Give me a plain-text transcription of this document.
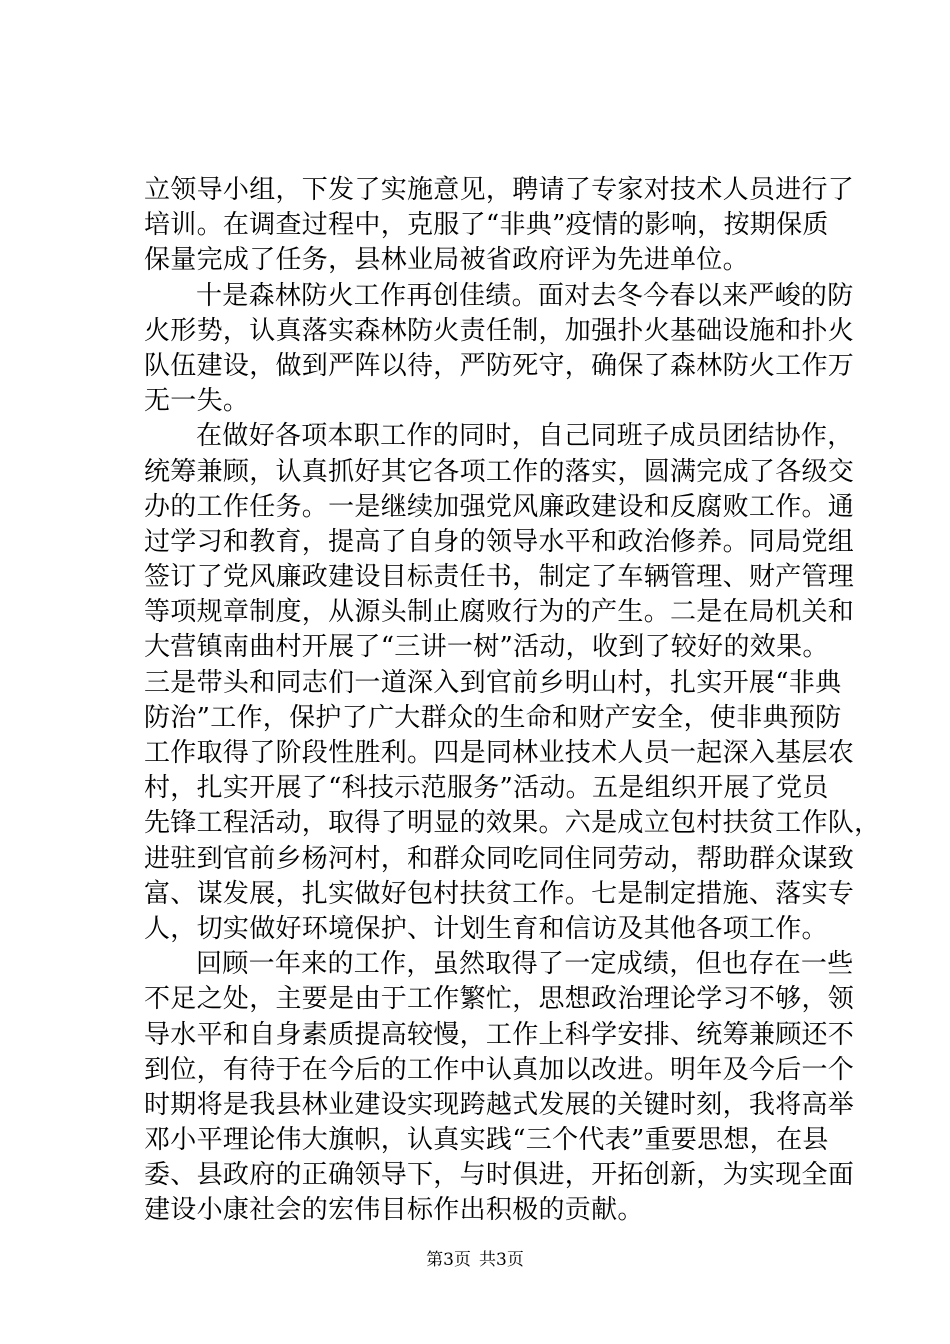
立领导小组，下发了实施意见，聘请了专家对技术人员进行了
培训。在调查过程中，克服了“非典”疫情的影响，按期保质
保量完成了任务，县林业局被省政府评为先进单位。
十是森林防火工作再创佳绩。面对去冬今春以来严峻的防
火形势，认真落实森林防火责任制，加强扑火基础设施和扑火
队伍建设，做到严阵以待，严防死守，确保了森林防火工作万
无一失。
在做好各项本职工作的同时，自己同班子成员团结协作，
统筹兼顾，认真抓好其它各项工作的落实，圆满完成了各级交
办的工作任务。一是继续加强党风廉政建设和反腐败工作。通
过学习和教育，提高了自身的领导水平和政治修养。同局党组
签订了党风廉政建设目标责任书，制定了车辆管理、财产管理
等项规章制度，从源头制止腐败行为的产生。二是在局机关和
大营镇南曲村开展了“三讲一树”活动，收到了较好的效果。
三是带头和同志们一道深入到官前乡明山村，扎实开展“非典
防治”工作，保护了广大群众的生命和财产安全，使非典预防
工作取得了阶段性胜利。四是同林业技术人员一起深入基层农
村，扎实开展了“科技示范服务”活动。五是组织开展了党员
先锋工程活动，取得了明显的效果。六是成立包村扶贫工作队，
进驻到官前乡杨河村，和群众同吃同住同劳动，帮助群众谋致
富、谋发展，扎实做好包村扶贫工作。七是制定措施、落实专
人，切实做好环境保护、计划生育和信访及其他各项工作。
回顾一年来的工作，虽然取得了一定成绩，但也存在一些
不足之处，主要是由于工作繁忙，思想政治理论学习不够，领
导水平和自身素质提高较慢，工作上科学安排、统筹兼顾还不
到位，有待于在今后的工作中认真加以改进。明年及今后一个
时期将是我县林业建设实现跨越式发展的关键时刻，我将高举
邓小平理论伟大旗帜，认真实践“三个代表”重要思想，在县
委、县政府的正确领导下，与时俱进，开拓创新，为实现全面
建设小康社会的宏伟目标作出积极的贡献。
第3页 共3页
